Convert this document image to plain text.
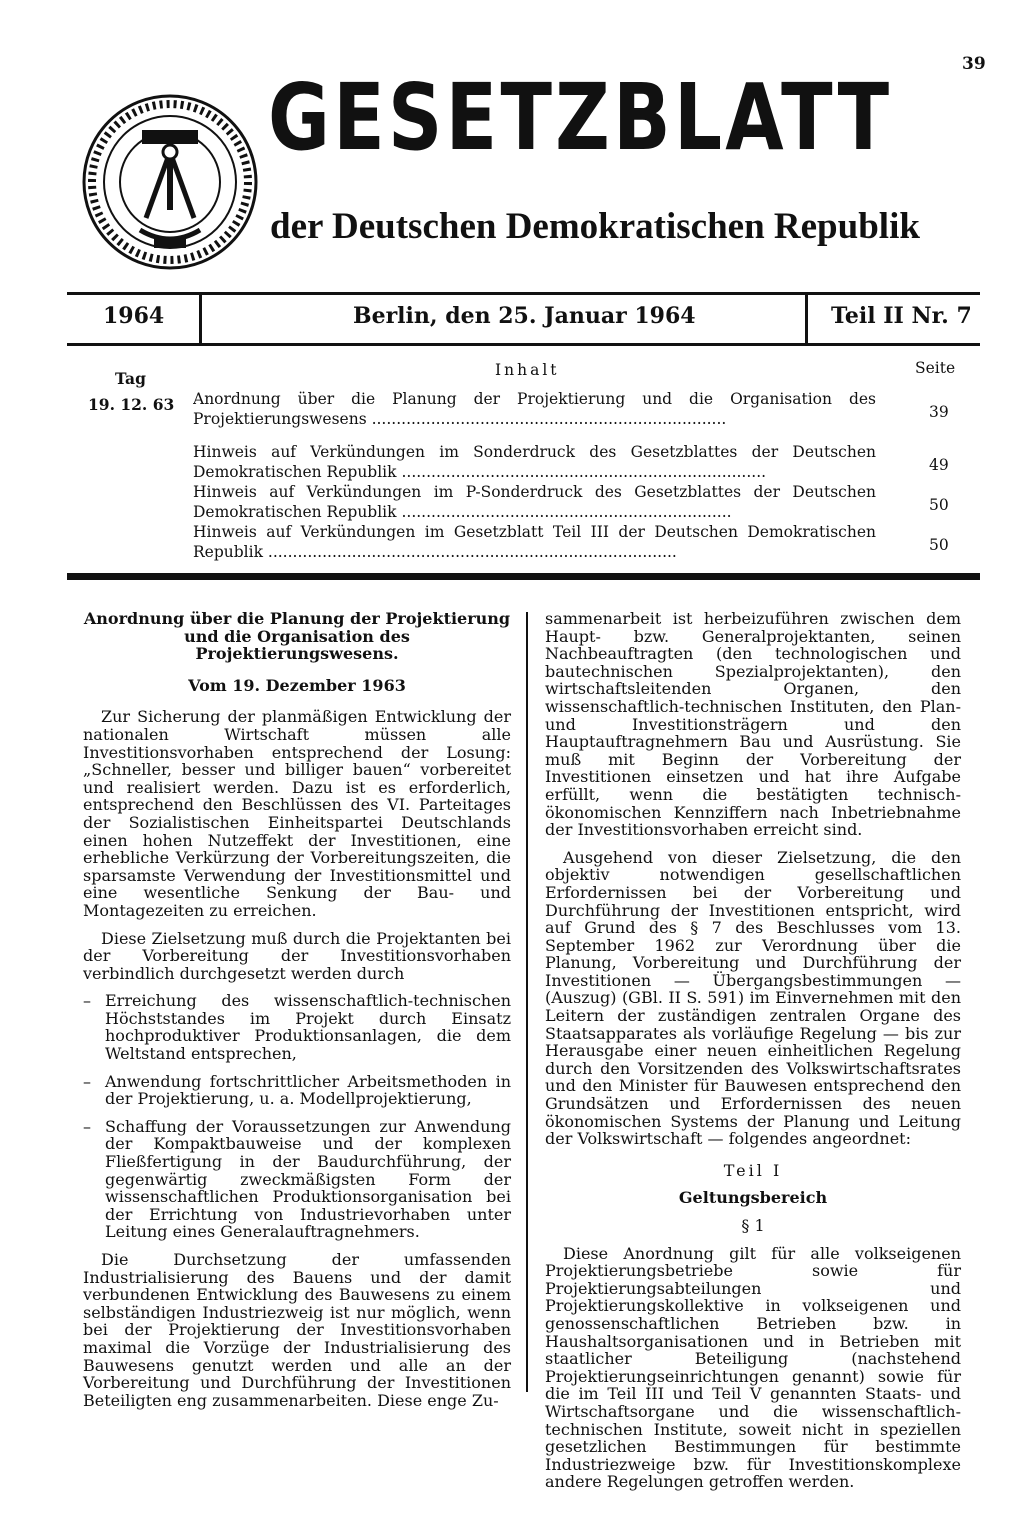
39
GESETZBLATT
der Deutschen Demokratischen Republik
1964	Berlin, den 25. Januar 1964	Teil II Nr. 7
Tag	Inhalt	Seite
19. 12. 63 Anordnung über die Planung der Projektierung und die Organisation des Projektierungswesens ........................................................................	39
Hinweis auf Verkündungen im Sonderdruck des Gesetzblattes der Deutschen Demokratischen Republik ..........................................................................	49
Hinweis auf Verkündungen im P-Sonderdruck des Gesetzblattes der Deutschen Demokratischen Republik ...................................................................	50
Hinweis auf Verkündungen im Gesetzblatt Teil III der Deutschen Demokratischen Republik ...................................................................................	50

Anordnung über die Planung der Projektierung und die Organisation des Projektierungswesens.

Vom 19. Dezember 1963

Zur Sicherung der planmäßigen Entwicklung der nationalen Wirtschaft müssen alle Investitionsvorhaben entsprechend der Losung: „Schneller, besser und billiger bauen“ vorbereitet und realisiert werden. Dazu ist es erforderlich, entsprechend den Beschlüssen des VI. Parteitages der Sozialistischen Einheitspartei Deutschlands einen hohen Nutzeffekt der Investitionen, eine erhebliche Verkürzung der Vorbereitungszeiten, die sparsamste Verwendung der Investitionsmittel und eine wesentliche Senkung der Bau- und Montagezeiten zu erreichen.

Diese Zielsetzung muß durch die Projektanten bei der Vorbereitung der Investitionsvorhaben verbindlich durchgesetzt werden durch

– Erreichung des wissenschaftlich-technischen Höchststandes im Projekt durch Einsatz hochproduktiver Produktionsanlagen, die dem Weltstand entsprechen,

– Anwendung fortschrittlicher Arbeitsmethoden in der Projektierung, u. a. Modellprojektierung,

– Schaffung der Voraussetzungen zur Anwendung der Kompaktbauweise und der komplexen Fließfertigung in der Baudurchführung, der gegenwärtig zweckmäßigsten Form der wissenschaftlichen Produktionsorganisation bei der Errichtung von Industrievorhaben unter Leitung eines Generalauftragnehmers.

Die Durchsetzung der umfassenden Industrialisierung des Bauens und der damit verbundenen Entwicklung des Bauwesens zu einem selbständigen Industriezweig ist nur möglich, wenn bei der Projektierung der Investitionsvorhaben maximal die Vorzüge der Industrialisierung des Bauwesens genutzt werden und alle an der Vorbereitung und Durchführung der Investitionen Beteiligten eng zusammenarbeiten. Diese enge Zu-

sammenarbeit ist herbeizuführen zwischen dem Haupt- bzw. Generalprojektanten, seinen Nachbeauftragten (den technologischen und bautechnischen Spezialprojektanten), den wirtschaftsleitenden Organen, den wissenschaftlich-technischen Instituten, den Plan- und Investitionsträgern und den Hauptauftragnehmern Bau und Ausrüstung. Sie muß mit Beginn der Vorbereitung der Investitionen einsetzen und hat ihre Aufgabe erfüllt, wenn die bestätigten technisch-ökonomischen Kennziffern nach Inbetriebnahme der Investitionsvorhaben erreicht sind.

Ausgehend von dieser Zielsetzung, die den objektiv notwendigen gesellschaftlichen Erfordernissen bei der Vorbereitung und Durchführung der Investitionen entspricht, wird auf Grund des § 7 des Beschlusses vom 13. September 1962 zur Verordnung über die Planung, Vorbereitung und Durchführung der Investitionen — Übergangsbestimmungen — (Auszug) (GBl. II S. 591) im Einvernehmen mit den Leitern der zuständigen zentralen Organe des Staatsapparates als vorläufige Regelung — bis zur Herausgabe einer neuen einheitlichen Regelung durch den Vorsitzenden des Volkswirtschaftsrates und den Minister für Bauwesen entsprechend den Grundsätzen und Erfordernissen des neuen ökonomischen Systems der Planung und Leitung der Volkswirtschaft — folgendes angeordnet:

Teil I

Geltungsbereich

§ 1

Diese Anordnung gilt für alle volkseigenen Projektierungsbetriebe sowie für Projektierungsabteilungen und Projektierungskollektive in volkseigenen und genossenschaftlichen Betrieben bzw. in Haushaltsorganisationen und in Betrieben mit staatlicher Beteiligung (nachstehend Projektierungseinrichtungen genannt) sowie für die im Teil III und Teil V genannten Staats- und Wirtschaftsorgane und die wissenschaftlich-technischen Institute, soweit nicht in speziellen gesetzlichen Bestimmungen für bestimmte Industriezweige bzw. für Investitionskomplexe andere Regelungen getroffen werden.
